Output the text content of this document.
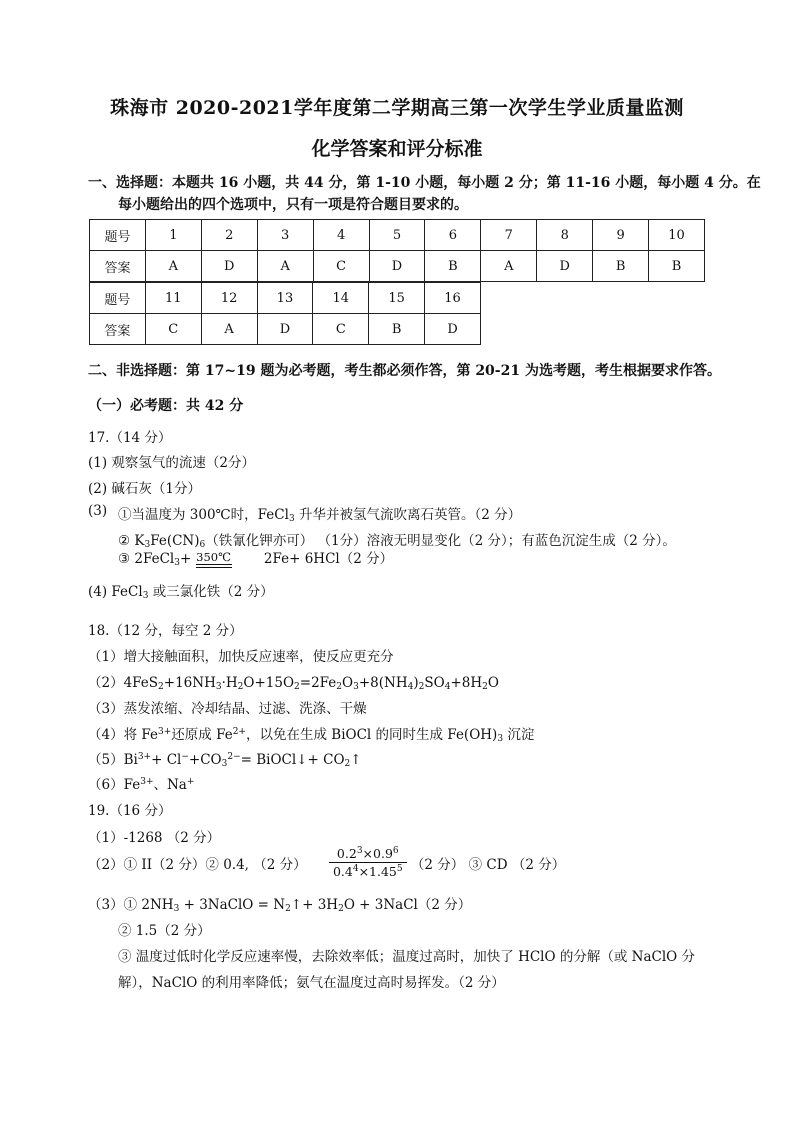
珠海市 2020-2021学年度第二学期高三第一次学生学业质量监测
化学答案和评分标准
一、选择题：本题共 16 小题，共 44 分，第 1-10 小题，每小题 2 分；第 11-16 小题，每小题 4 分。在
每小题给出的四个选项中，只有一项是符合题目要求的。
题号	1	2	3	4	5	6	7	8	9	10
答案	A	D	A	C	D	B	A	D	B	B
题号	11	12	13	14	15	16
答案	C	A	D	C	B	D
二、非选择题：第 17~19 题为必考题，考生都必须作答，第 20-21 为选考题，考生根据要求作答。
（一）必考题：共 42 分
17.（14 分）
(1) 观察氢气的流速（2分）
(2) 碱石灰（1分）
(3) ①当温度为 300℃时，FeCl$_3$ 升华并被氢气流吹离石英管。（2 分）
② $K_3Fe(CN)_6$（铁氰化钾亦可） （1分）溶液无明显变化（2 分）；有蓝色沉淀生成（2 分）。
③ 2FeCl$_3$+ 350℃ 2Fe+ 6HCl（2 分）
(4) FeCl$_3$ 或三氯化铁（2 分）
18.（12 分，每空 2 分）
（1）增大接触面积，加快反应速率，使反应更充分
$(2)4FeS_2+16NH_3\cdot H_2O+15O_2=2Fe_2O_3+8(NH_4)_2SO_4+8H_2O$
（3）蒸发浓缩、冷却结晶、过滤、洗涤、干燥
（4）将 $Fe^{3+}$还原成 $Fe^{2+}$，以免在生成 BiOCl 的同时生成 $Fe(OH)_3$ 沉淀
$(5)Bi^{3+}+ Cl^-+CO_3^{2-}=$ BiOCl↓+ $CO_2↑$
$(6)Fe^{3+}$、Na+
19.（16 分）
（1）-1268 （2 分）
（2）① II（2 分）② 0.4, （2 分） $\frac{0.2^3\times 0.9^6}{0.4^4\times 1.45^5} (2$ 分） ③ CD （2 分）
（3）① $2NH_3$ + 3NaClO = $N_2↑+ 3H_2O$ + 3NaCl（2 分）
② 1.5（2 分）
③ 温度过低时化学反应速率慢，去除效率低；温度过高时，加快了 HClO 的分解（或 NaClO 分
解），NaClO 的利用率降低；氨气在温度过高时易挥发。（2 分）
